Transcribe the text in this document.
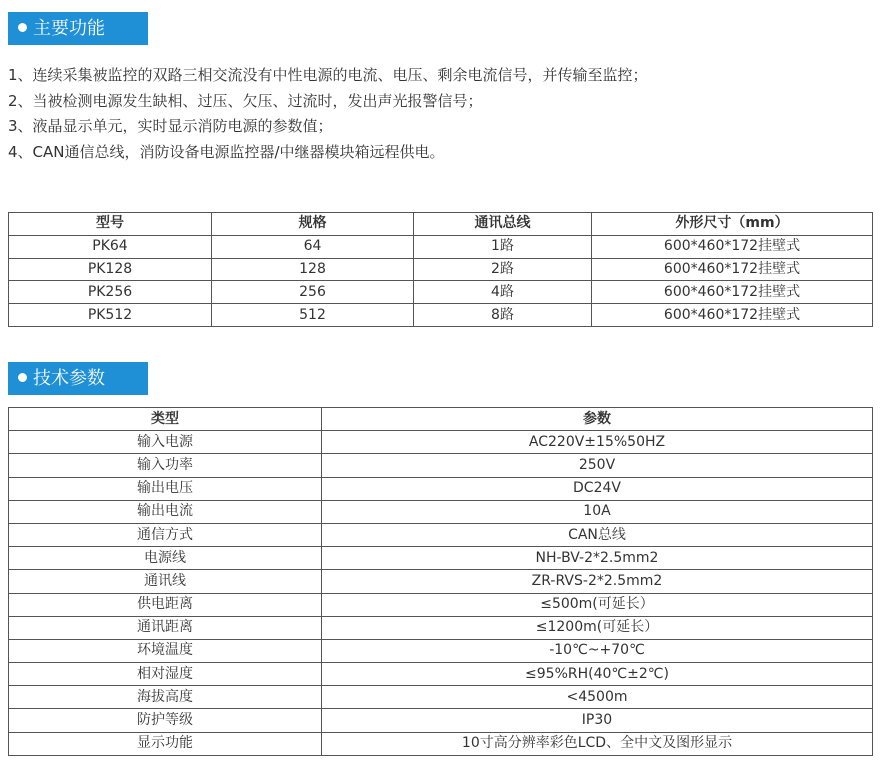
主要功能
1、连续采集被监控的双路三相交流没有中性电源的电流、电压、剩余电流信号，并传输至监控；
2、当被检测电源发生缺相、过压、欠压、过流时，发出声光报警信号；
3、液晶显示单元，实时显示消防电源的参数值；
4、CAN通信总线，消防设备电源监控器/中继器模块箱远程供电。
型号	规格	通讯总线	外形尺寸（mm）
PK64	64	1路	600*460*172挂壁式
PK128	128	2路	600*460*172挂壁式
PK256	256	4路	600*460*172挂壁式
PK512	512	8路	600*460*172挂壁式
技术参数
类型	参数
输入电源	AC220V±15%50HZ
输入功率	250V
输出电压	DC24V
输出电流	10A
通信方式	CAN总线
电源线	NH-BV-2*2.5mm2
通讯线	ZR-RVS-2*2.5mm2
供电距离	≤500m(可延长）
通讯距离	≤1200m(可延长）
环境温度	-10℃~+70℃
相对湿度	≤95%RH(40℃±2℃)
海拔高度	<4500m
防护等级	IP30
显示功能	10寸高分辨率彩色LCD、全中文及图形显示
